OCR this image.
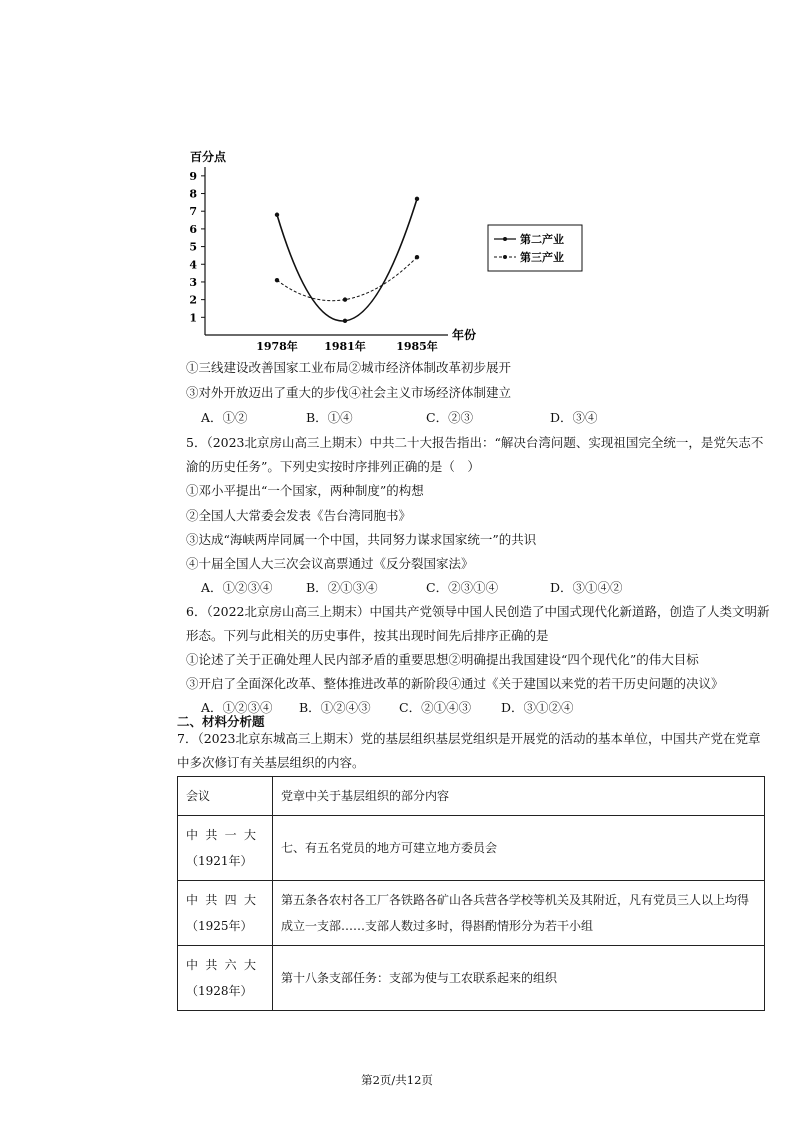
百分点
年份
1
2
3
4
5
6
7
8
9
1978年 1981年	1985年
第二产业
第三产业
①三线建设改善国家工业布局②城市经济体制改革初步展开
③对外开放迈出了重大的步伐④社会主义市场经济体制建立
A．①②	B．①④	C．②③	D．③④
5．（2023北京房山高三上期末）中共二十大报告指出：“解决台湾问题、实现祖国完全统一，是党矢志不
渝的历史任务”。下列史实按时序排列正确的是（　）
①邓小平提出“一个国家，两种制度”的构想
②全国人大常委会发表《告台湾同胞书》
③达成“海峡两岸同属一个中国，共同努力谋求国家统一”的共识
④十届全国人大三次会议高票通过《反分裂国家法》
A．①②③④	B．②①③④	C．②③①④	D．③①④②
6．（2022北京房山高三上期末）中国共产党领导中国人民创造了中国式现代化新道路，创造了人类文明新
形态。下列与此相关的历史事件，按其出现时间先后排序正确的是
①论述了关于正确处理人民内部矛盾的重要思想②明确提出我国建设“四个现代化”的伟大目标
③开启了全面深化改革、整体推进改革的新阶段④通过《关于建国以来党的若干历史问题的决议》
A．①②③④ B．①②④③ C．②①④③ D．③①②④
二、材料分析题
7．（2023北京东城高三上期末）党的基层组织基层党组织是开展党的活动的基本单位，中国共产党在党章
中多次修订有关基层组织的内容。
会议	党章中关于基层组织的部分内容

中 共 一 大
（1921年）	七、有五名党员的地方可建立地方委员会

中 共 四 大
（1925年）	第五条各农村各工厂各铁路各矿山各兵营各学校等机关及其附近，凡有党员三人以上均得成立一支部……支部人数过多时，得斟酌情形分为若干小组

中 共 六 大
（1928年）	第十八条支部任务：支部为使与工农联系起来的组织
第2页/共12页
